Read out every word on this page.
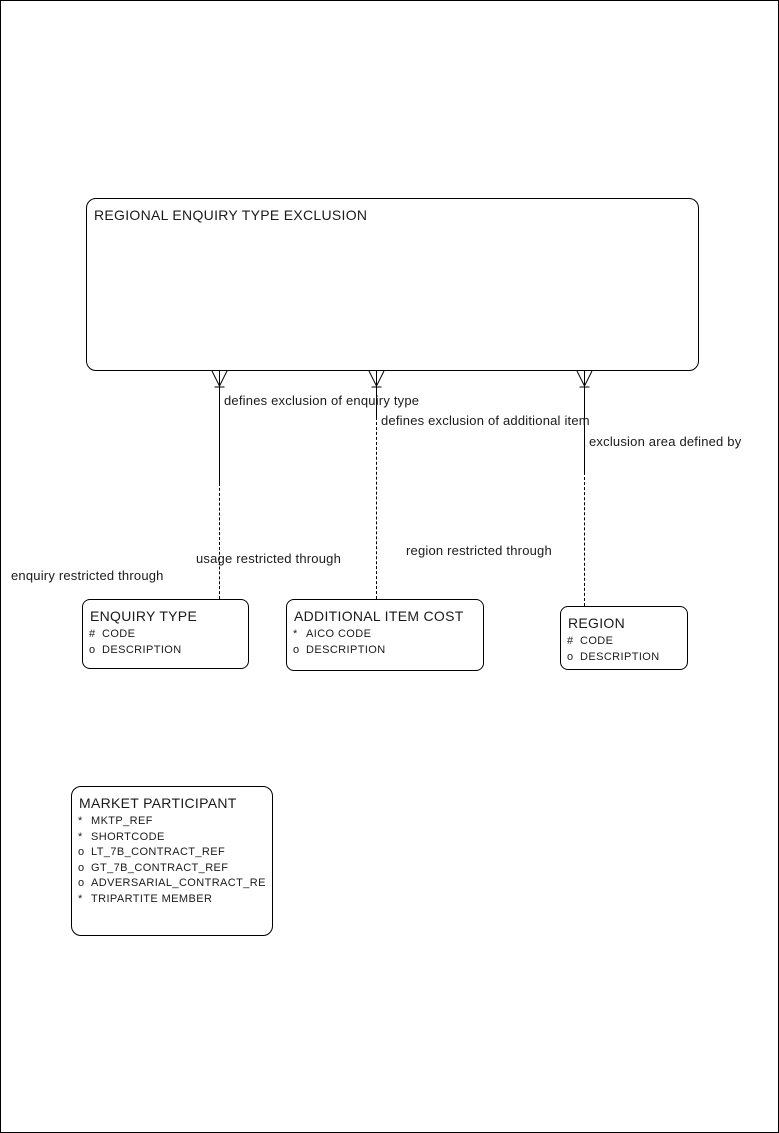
defines exclusion of enquiry type
defines exclusion of additional item
exclusion area defined by
enquiry restricted through
usage restricted through
region restricted through
REGIONAL ENQUIRY TYPE EXCLUSION
ENQUIRY TYPE
# CODE
o DESCRIPTION
ADDITIONAL ITEM COST
* AICO CODE
o DESCRIPTION
REGION
# CODE
o DESCRIPTION
MARKET PARTICIPANT
* MKTP_REF
* SHORTCODE
o LT_7B_CONTRACT_REF
o GT_7B_CONTRACT_REF
o ADVERSARIAL_CONTRACT_RE
* TRIPARTITE MEMBER
